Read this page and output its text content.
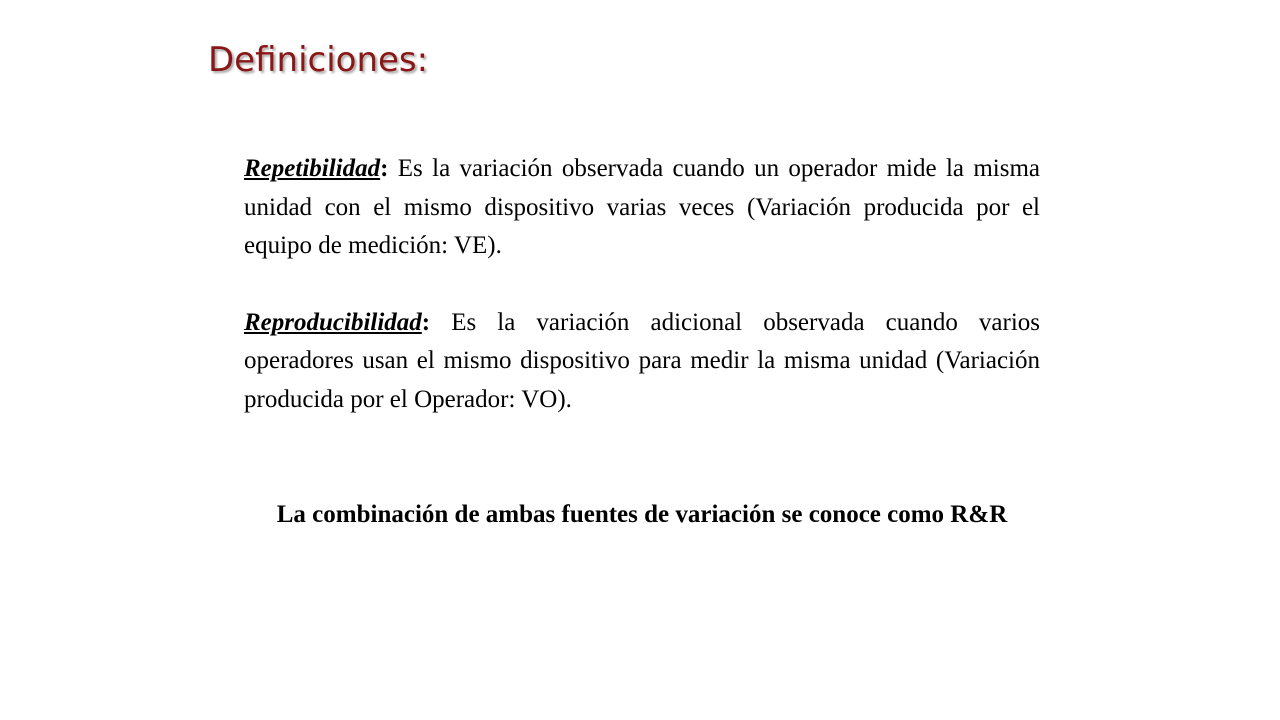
Definiciones:

Repetibilidad: Es la variación observada cuando un operador mide la misma unidad con el mismo dispositivo varias veces (Variación producida por el equipo de medición: VE).

Reproducibilidad: Es la variación adicional observada cuando varios operadores usan el mismo dispositivo para medir la misma unidad (Variación producida por el Operador: VO).

La combinación de ambas fuentes de variación se conoce como R&R
